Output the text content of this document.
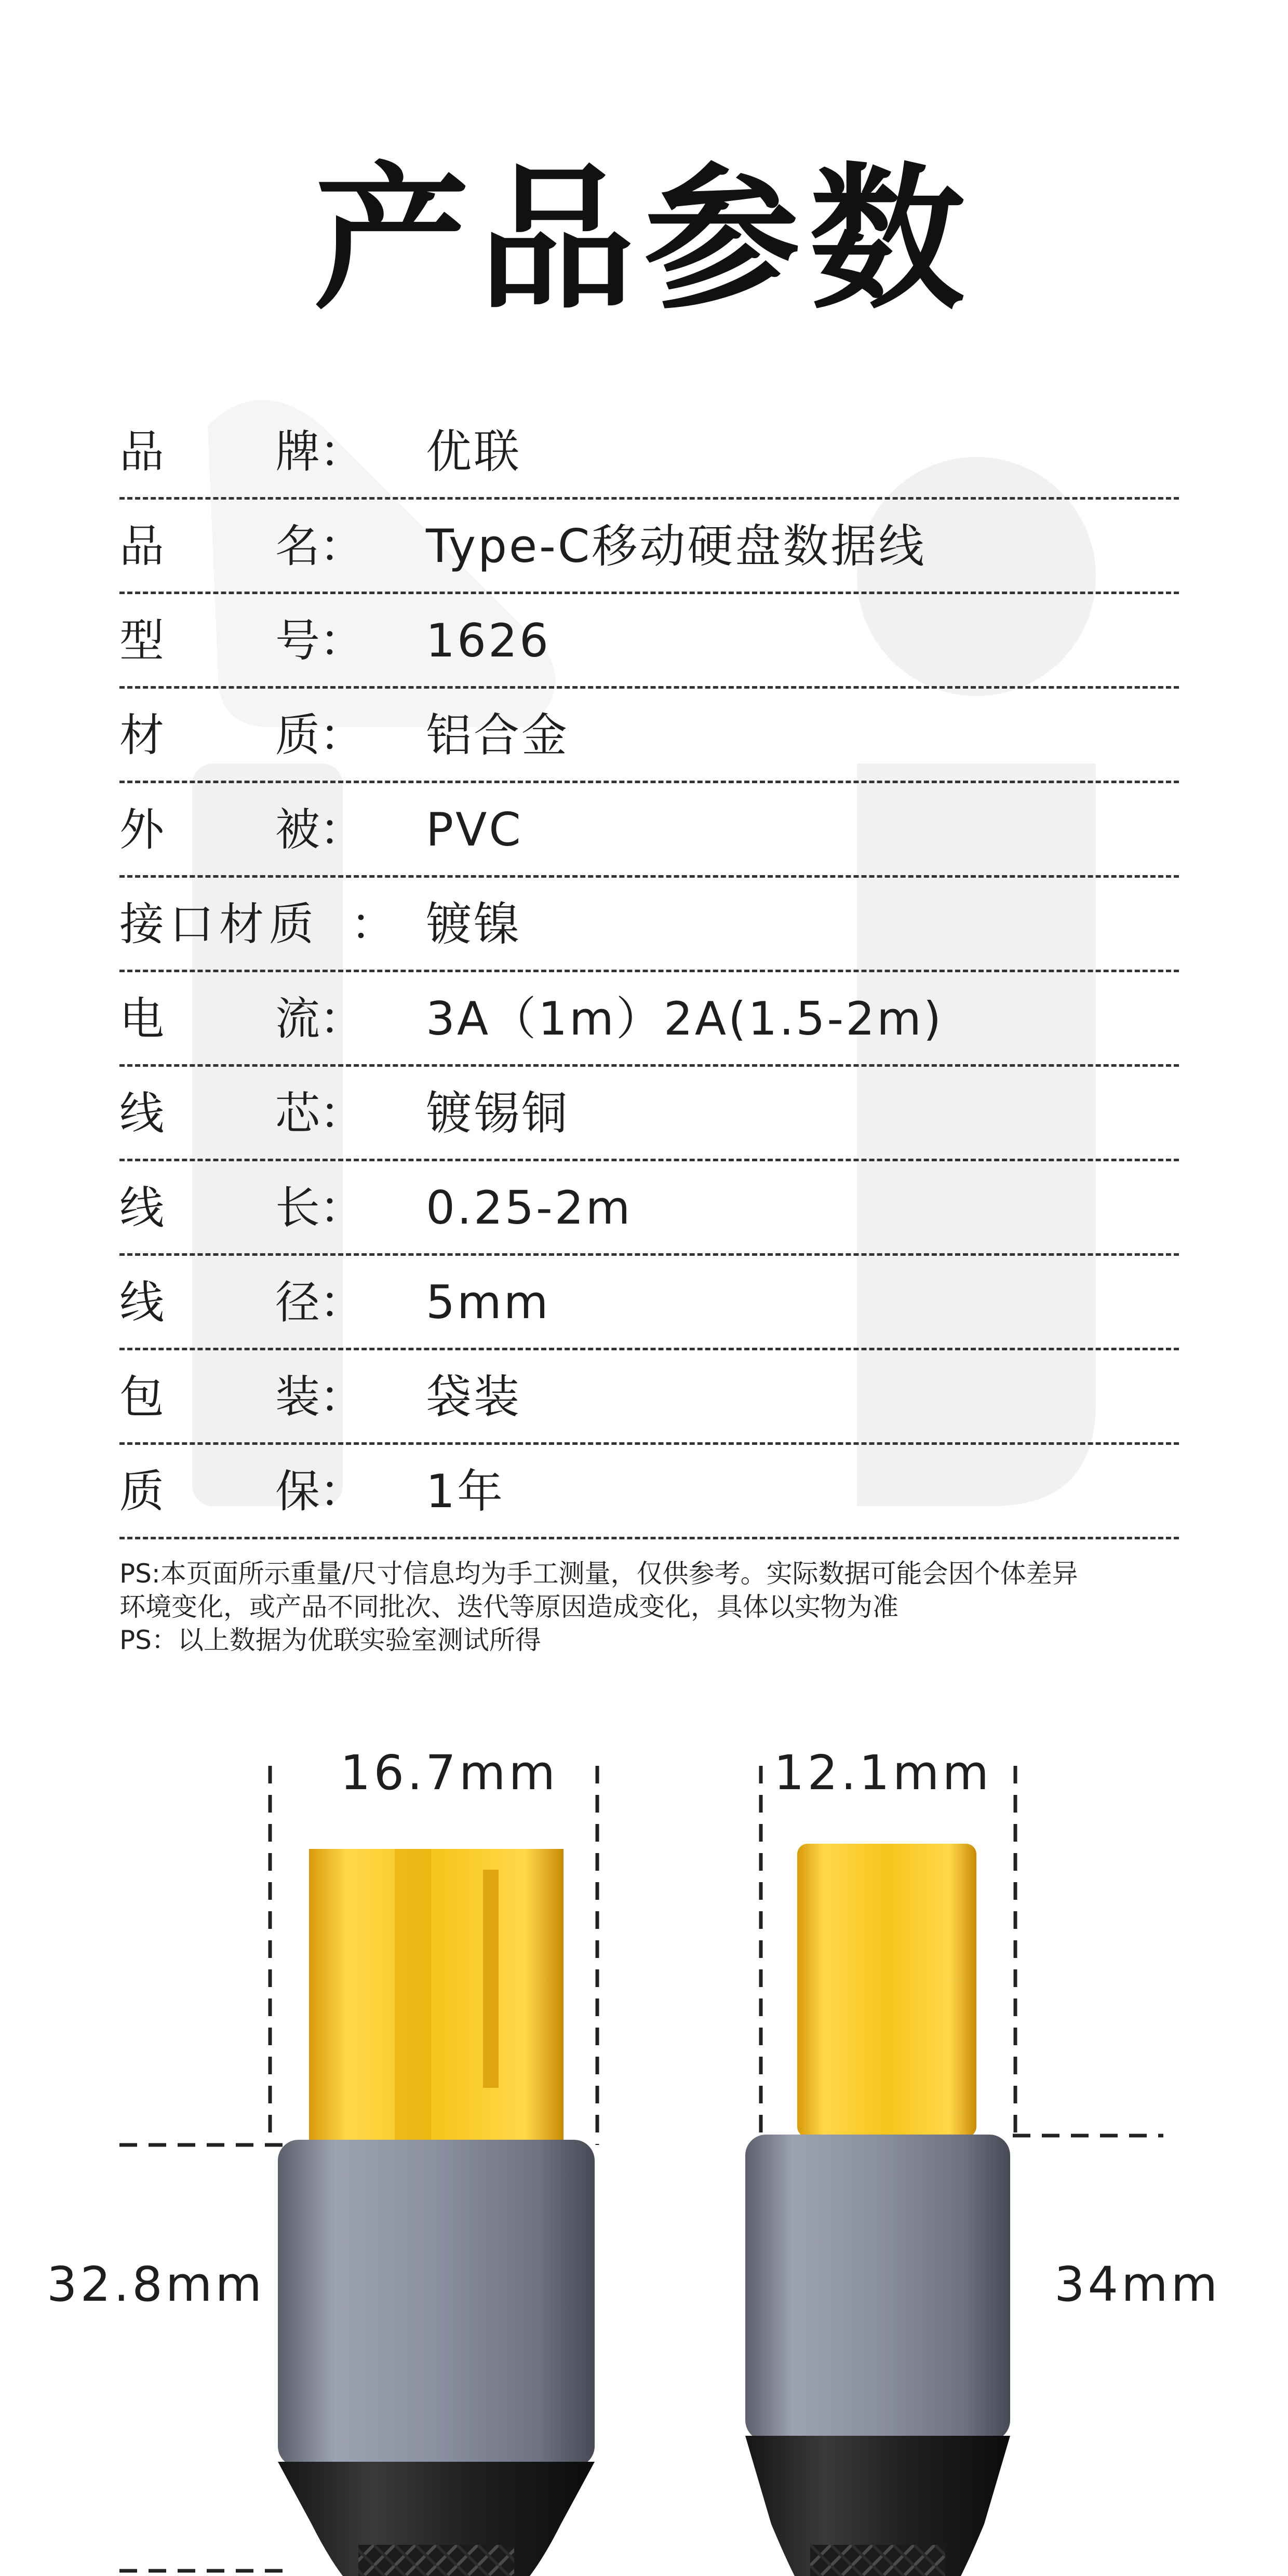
产品参数
品 牌 ： 优联
品 名 ： Type-C移动硬盘数据线
型 号 ： 1626
材 质 ： 铝合金
外 被 ： PVC
接口材质 ： 镀镍
电 流 ： 3A（1m）2A(1.5-2m)
线 芯 ： 镀锡铜
线 长 ： 0.25-2m
线 径 ： 5mm
包 装 ： 袋装
质 保 ： 1年
PS:本页面所示重量/尺寸信息均为手工测量，仅供参考。实际数据可能会因个体差异
环境变化，或产品不同批次、迭代等原因造成变化，具体以实物为准
PS：以上数据为优联实验室测试所得
16.7mm	12.1mm
32.8mm	34mm
